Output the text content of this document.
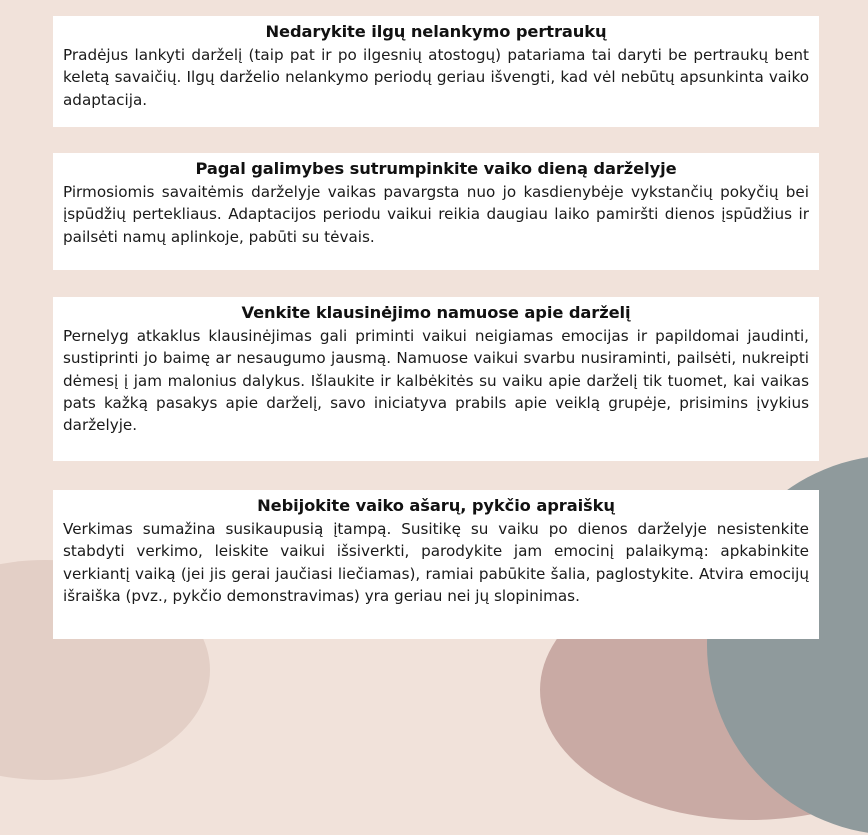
Nedarykite ilgų nelankymo pertraukų

Pradėjus lankyti darželį (taip pat ir po ilgesnių atostogų) patariama tai daryti be pertraukų bent keletą savaičių. Ilgų darželio nelankymo periodų geriau išvengti, kad vėl nebūtų apsunkinta vaiko adaptacija.

Pagal galimybes sutrumpinkite vaiko dieną darželyje

Pirmosiomis savaitėmis darželyje vaikas pavargsta nuo jo kasdienybėje vykstančių pokyčių bei įspūdžių pertekliaus. Adaptacijos periodu vaikui reikia daugiau laiko pamiršti dienos įspūdžius ir pailsėti namų aplinkoje, pabūti su tėvais.

Venkite klausinėjimo namuose apie darželį

Pernelyg atkaklus klausinėjimas gali priminti vaikui neigiamas emocijas ir papildomai jaudinti, sustiprinti jo baimę ar nesaugumo jausmą. Namuose vaikui svarbu nusiraminti, pailsėti, nukreipti dėmesį į jam malonius dalykus. Išlaukite ir kalbėkitės su vaiku apie darželį tik tuomet, kai vaikas pats kažką pasakys apie darželį, savo iniciatyva prabils apie veiklą grupėje, prisimins įvykius darželyje.

Nebijokite vaiko ašarų, pykčio apraiškų

Verkimas sumažina susikaupusią įtampą. Susitikę su vaiku po dienos darželyje nesistenkite stabdyti verkimo, leiskite vaikui išsiverkti, parodykite jam emocinį palaikymą: apkabinkite verkiantį vaiką (jei jis gerai jaučiasi liečiamas), ramiai pabūkite šalia, paglostykite. Atvira emocijų išraiška (pvz., pykčio demonstravimas) yra geriau nei jų slopinimas.
